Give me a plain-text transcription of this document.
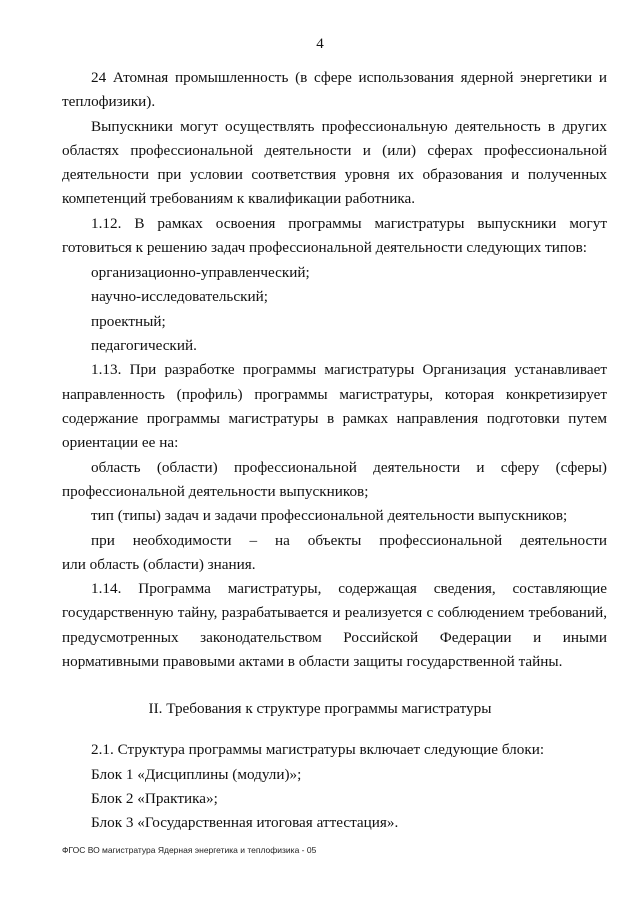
4
24 Атомная промышленность (в сфере использования ядерной энергетики и
теплофизики).
Выпускники могут осуществлять профессиональную деятельность в других
областях профессиональной деятельности и (или) сферах профессиональной
деятельности при условии соответствия уровня их образования и полученных
компетенций требованиям к квалификации работника.
1.12. В рамках освоения программы магистратуры выпускники могут
готовиться к решению задач профессиональной деятельности следующих типов:
организационно-управленческий;
научно-исследовательский;
проектный;
педагогический.
1.13. При разработке программы магистратуры Организация устанавливает
направленность (профиль) программы магистратуры, которая конкретизирует
содержание программы магистратуры в рамках направления подготовки путем
ориентации ее на:
область (области) профессиональной деятельности и сферу (сферы)
профессиональной деятельности выпускников;
тип (типы) задач и задачи профессиональной деятельности выпускников;
при необходимости – на объекты профессиональной деятельности
или область (области) знания.
1.14. Программа магистратуры, содержащая сведения, составляющие
государственную тайну, разрабатывается и реализуется с соблюдением требований,
предусмотренных законодательством Российской Федерации и иными
нормативными правовыми актами в области защиты государственной тайны.
II. Требования к структуре программы магистратуры
2.1. Структура программы магистратуры включает следующие блоки:
Блок 1 «Дисциплины (модули)»;
Блок 2 «Практика»;
Блок 3 «Государственная итоговая аттестация».
ФГОС ВО магистратура Ядерная энергетика и теплофизика - 05
